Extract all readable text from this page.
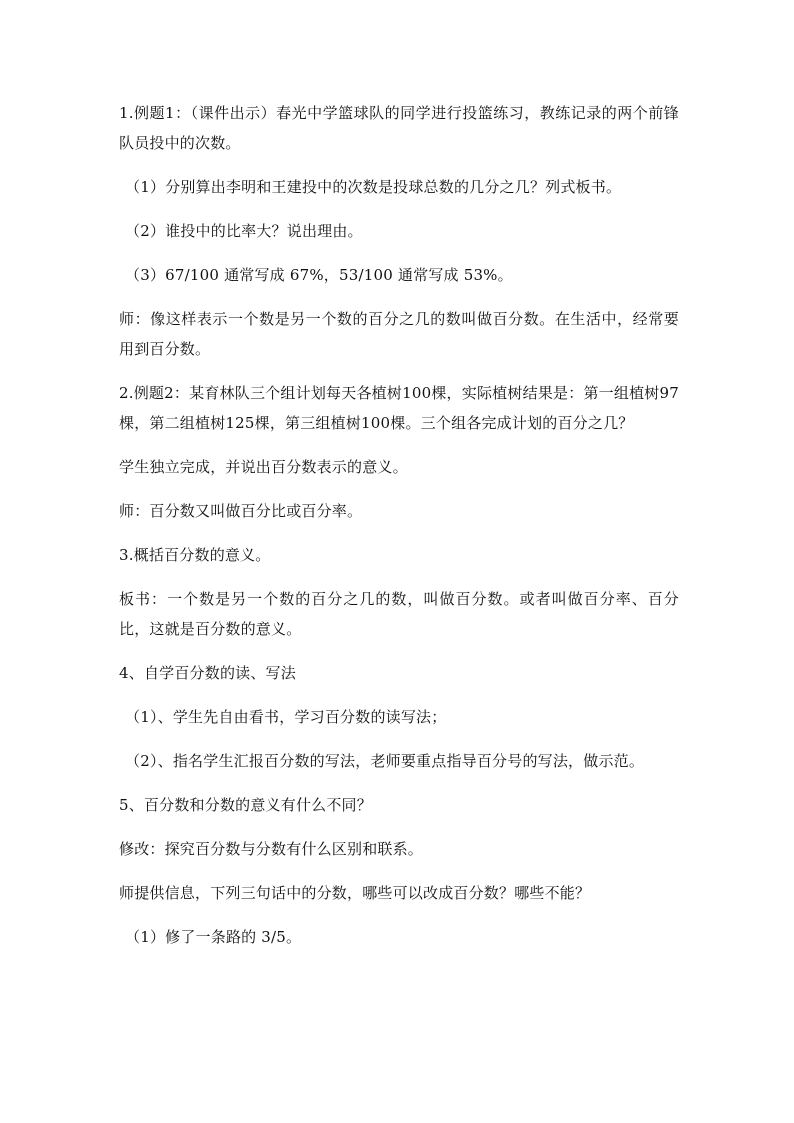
1.例题1：（课件出示）春光中学篮球队的同学进行投篮练习，教练记录的两个前锋队员投中的次数。

（1）分别算出李明和王建投中的次数是投球总数的几分之几？列式板书。

（2）谁投中的比率大？说出理由。

（3）67/100 通常写成 67%，53/100 通常写成 53%。

师：像这样表示一个数是另一个数的百分之几的数叫做百分数。在生活中，经常要用到百分数。

2.例题2：某育林队三个组计划每天各植树100棵，实际植树结果是：第一组植树97棵，第二组植树125棵，第三组植树100棵。三个组各完成计划的百分之几？

学生独立完成，并说出百分数表示的意义。

师：百分数又叫做百分比或百分率。

3.概括百分数的意义。

板书：一个数是另一个数的百分之几的数，叫做百分数。或者叫做百分率、百分比，这就是百分数的意义。

4、自学百分数的读、写法

（1）、学生先自由看书，学习百分数的读写法；

（2）、指名学生汇报百分数的写法，老师要重点指导百分号的写法，做示范。

5、百分数和分数的意义有什么不同？

修改：探究百分数与分数有什么区别和联系。

师提供信息，下列三句话中的分数，哪些可以改成百分数？哪些不能？

（1）修了一条路的 3/5。
